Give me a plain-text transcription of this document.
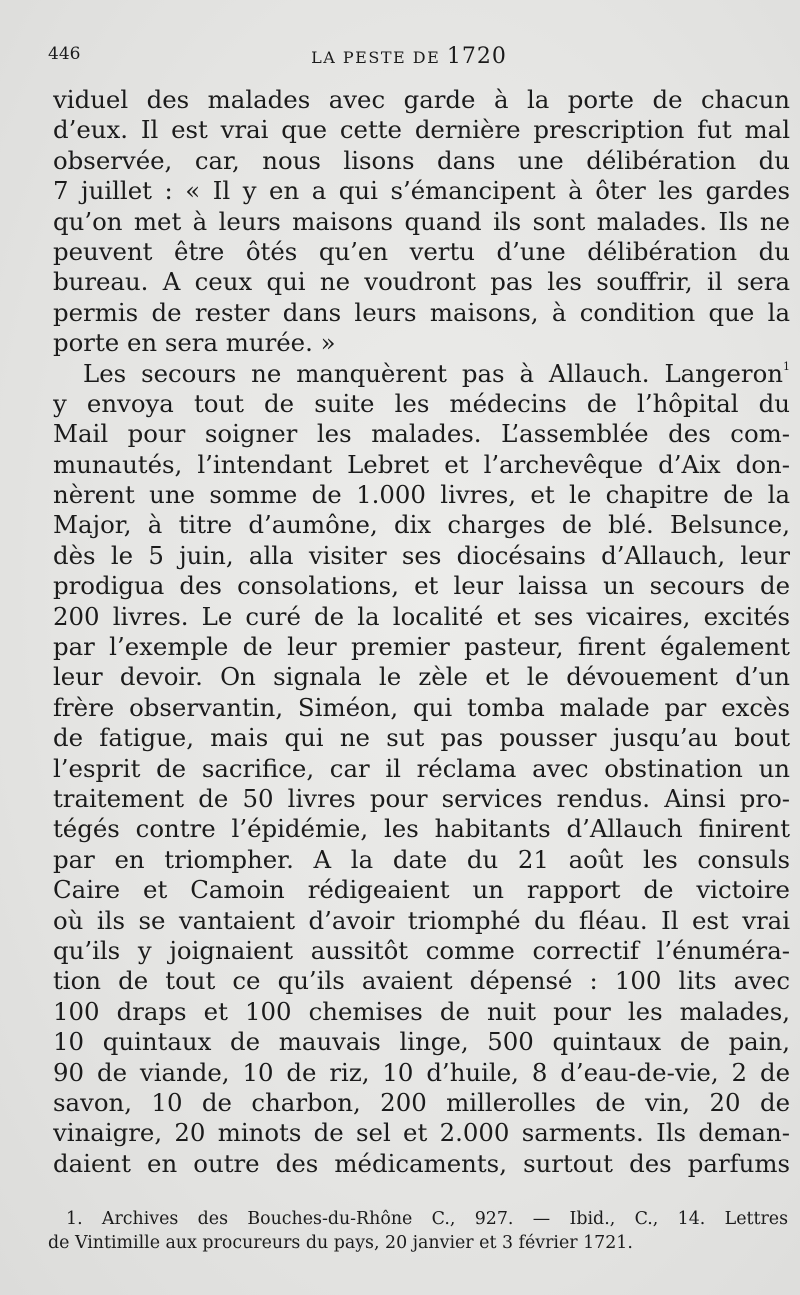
446	LA PESTE DE 1720
viduel des malades avec garde à la porte de chacun
d’eux. Il est vrai que cette dernière prescription fut mal
observée, car, nous lisons dans une délibération du
7 juillet : « Il y en a qui s’émancipent à ôter les gardes
qu’on met à leurs maisons quand ils sont malades. Ils ne
peuvent être ôtés qu’en vertu d’une délibération du
bureau. A ceux qui ne voudront pas les souffrir, il sera
permis de rester dans leurs maisons, à condition que la
porte en sera murée. »
Les secours ne manquèrent pas à Allauch. Langeron$^1$
y envoya tout de suite les médecins de l’hôpital du
Mail pour soigner les malades. L’assemblée des com-
munautés, l’intendant Lebret et l’archevêque d’Aix don-
nèrent une somme de 1.000 livres, et le chapitre de la
Major, à titre d’aumône, dix charges de blé. Belsunce,
dès le 5 juin, alla visiter ses diocésains d’Allauch, leur
prodigua des consolations, et leur laissa un secours de
200 livres. Le curé de la localité et ses vicaires, excités
par l’exemple de leur premier pasteur, firent également
leur devoir. On signala le zèle et le dévouement d’un
frère observantin, Siméon, qui tomba malade par excès
de fatigue, mais qui ne sut pas pousser jusqu’au bout
l’esprit de sacrifice, car il réclama avec obstination un
traitement de 50 livres pour services rendus. Ainsi pro-
tégés contre l’épidémie, les habitants d’Allauch finirent
par en triompher. A la date du 21 août les consuls
Caire et Camoin rédigeaient un rapport de victoire
où ils se vantaient d’avoir triomphé du fléau. Il est vrai
qu’ils y joignaient aussitôt comme correctif l’énuméra-
tion de tout ce qu’ils avaient dépensé : 100 lits avec
100 draps et 100 chemises de nuit pour les malades,
10 quintaux de mauvais linge, 500 quintaux de pain,
90 de viande, 10 de riz, 10 d’huile, 8 d’eau-de-vie, 2 de
savon, 10 de charbon, 200 millerolles de vin, 20 de
vinaigre, 20 minots de sel et 2.000 sarments. Ils deman-
daient en outre des médicaments, surtout des parfums
1. Archives des Bouches-du-Rhône C., 927. — Ibid., C., 14. Lettres
de Vintimille aux procureurs du pays, 20 janvier et 3 février 1721.
